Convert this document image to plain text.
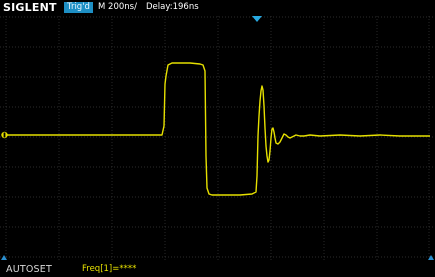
SIGLENT	Trig'd M 200ns/ Delay:196ns
AUTOSET	Freq[1]=****
